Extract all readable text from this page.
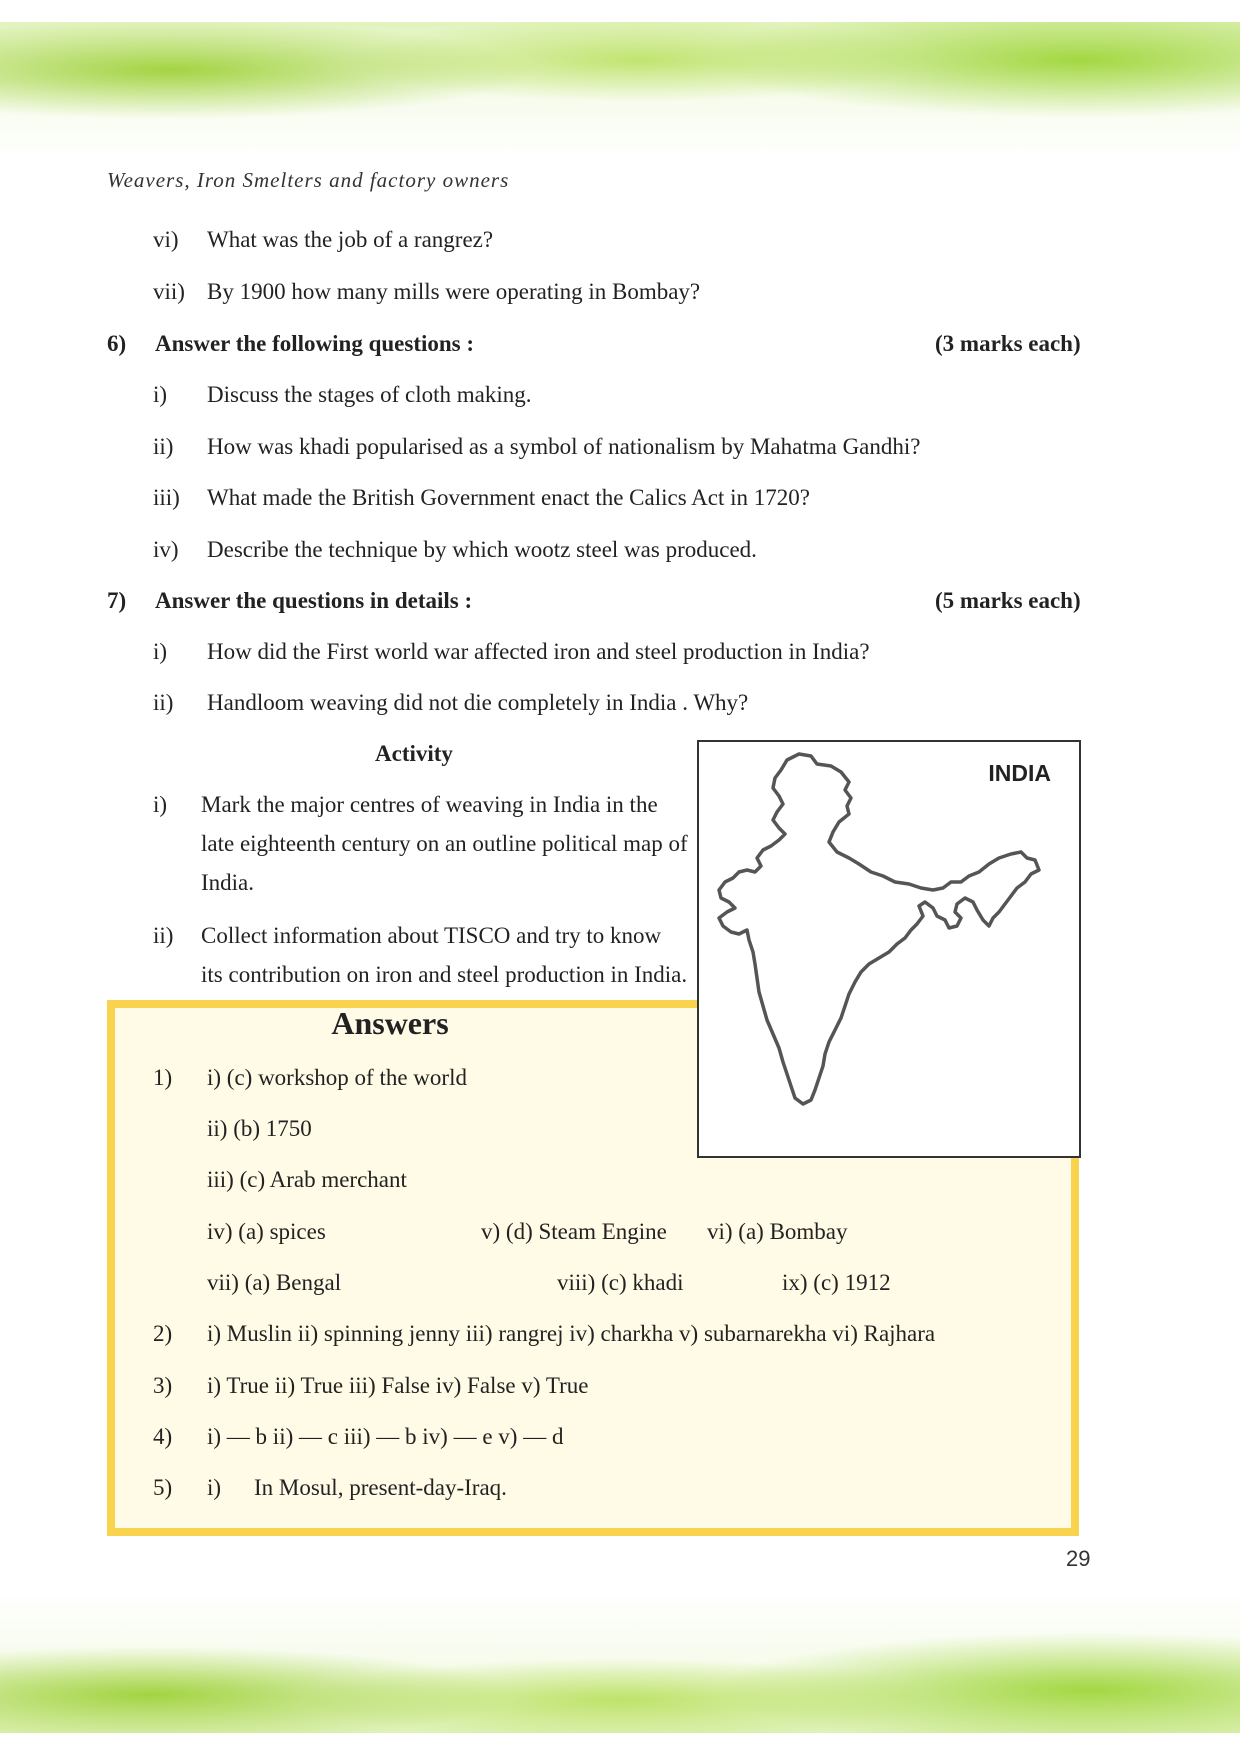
Weavers, Iron Smelters and factory owners
vi) What was the job of a rangrez?
vii) By 1900 how many mills were operating in Bombay?
6) Answer the following questions :	(3 marks each)
i) Discuss the stages of cloth making.
ii) How was khadi popularised as a symbol of nationalism by Mahatma Gandhi?
iii) What made the British Government enact the Calics Act in 1720?
iv) Describe the technique by which wootz steel was produced.
7) Answer the questions in details :	(5 marks each)
i) How did the First world war affected iron and steel production in India?
ii) Handloom weaving did not die completely in India . Why?
Activity
i) Mark the major centres of weaving in India in the
late eighteenth century on an outline political map of
India.
ii) Collect information about TISCO and try to know
its contribution on iron and steel production in India.
Answers
1) i) (c) workshop of the world
ii) (b) 1750
iii) (c) Arab merchant
iv) (a) spices	v) (d) Steam Engine vi) (a) Bombay
vii) (a) Bengal	viii) (c) khadi	ix) (c) 1912
2) i) Muslin ii) spinning jenny iii) rangrej iv) charkha v) subarnarekha vi) Rajhara
3) i) True ii) True iii) False iv) False v) True
4) i) — b ii) — c iii) — b iv) — e v) — d
5) i) In Mosul, present-day-Iraq.
INDIA
29
